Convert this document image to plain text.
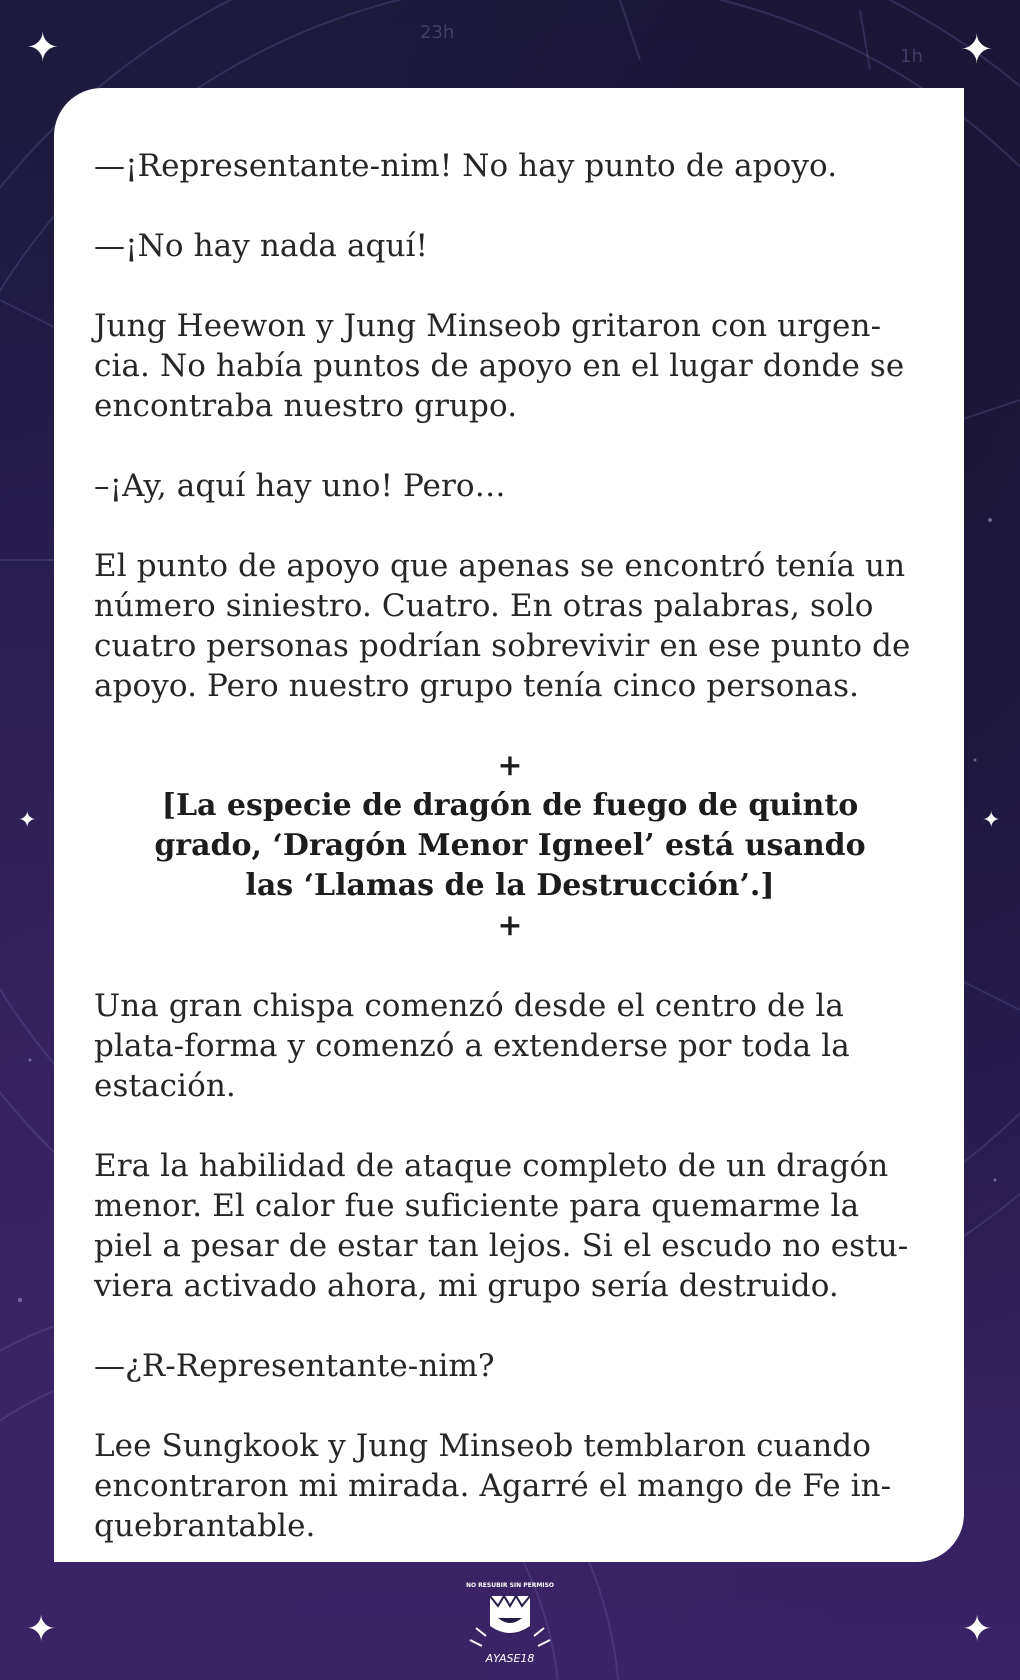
23h
1h
✦	✦
✦	✦
✦	✦

—¡Representante-nim! No hay punto de apoyo.

—¡No hay nada aquí!

Jung Heewon y Jung Minseob gritaron con urgen-cia. No había puntos de apoyo en el lugar donde se encontraba nuestro grupo.

–¡Ay, aquí hay uno! Pero…

El punto de apoyo que apenas se encontró tenía un número siniestro. Cuatro. En otras palabras, solo cuatro personas podrían sobrevivir en ese punto de apoyo. Pero nuestro grupo tenía cinco personas.

+
[La especie de dragón de fuego de quinto
grado, ‘Dragón Menor Igneel’ está usando
las ‘Llamas de la Destrucción’.]
+

Una gran chispa comenzó desde el centro de la plata-forma y comenzó a extenderse por toda la estación.

Era la habilidad de ataque completo de un dragón menor. El calor fue suficiente para quemarme la piel a pesar de estar tan lejos. Si el escudo no estu-viera activado ahora, mi grupo sería destruido.

—¿R-Representante-nim?

Lee Sungkook y Jung Minseob temblaron cuando encontraron mi mirada. Agarré el mango de Fe in-quebrantable.

NO RESUBIR SIN PERMISO
AYASE18
